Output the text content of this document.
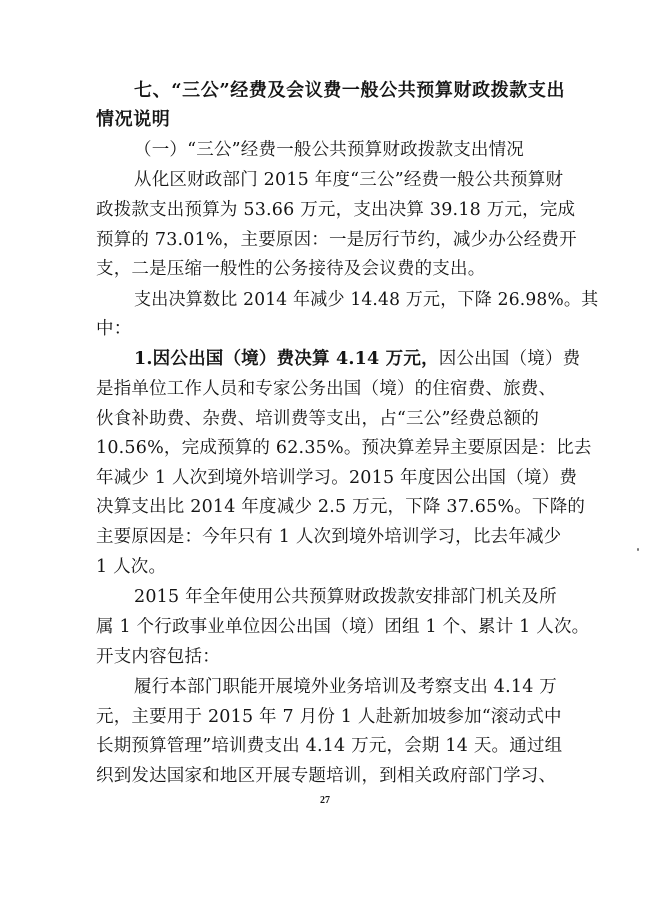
七、“三公”经费及会议费一般公共预算财政拨款支出
情况说明
（一）“三公”经费一般公共预算财政拨款支出情况
从化区财政部门 2015 年度“三公”经费一般公共预算财
政拨款支出预算为 53.66 万元，支出决算 39.18 万元，完成
预算的 73.01%，主要原因：一是厉行节约，减少办公经费开
支，二是压缩一般性的公务接待及会议费的支出。
支出决算数比 2014 年减少 14.48 万元，下降 26.98%。其
中：
1.因公出国（境）费决算 4.14 万元，因公出国（境）费
是指单位工作人员和专家公务出国（境）的住宿费、旅费、
伙食补助费、杂费、培训费等支出，占“三公”经费总额的
10.56%，完成预算的 62.35%。预决算差异主要原因是：比去
年减少 1 人次到境外培训学习。2015 年度因公出国（境）费
决算支出比 2014 年度减少 2.5 万元，下降 37.65%。下降的
主要原因是：今年只有 1 人次到境外培训学习，比去年减少
1 人次。
2015 年全年使用公共预算财政拨款安排部门机关及所
属 1 个行政事业单位因公出国（境）团组 1 个、累计 1 人次。
开支内容包括：
履行本部门职能开展境外业务培训及考察支出 4.14 万
元，主要用于 2015 年 7 月份 1 人赴新加坡参加“滚动式中
长期预算管理”培训费支出 4.14 万元，会期 14 天。通过组
织到发达国家和地区开展专题培训，到相关政府部门学习、
27
